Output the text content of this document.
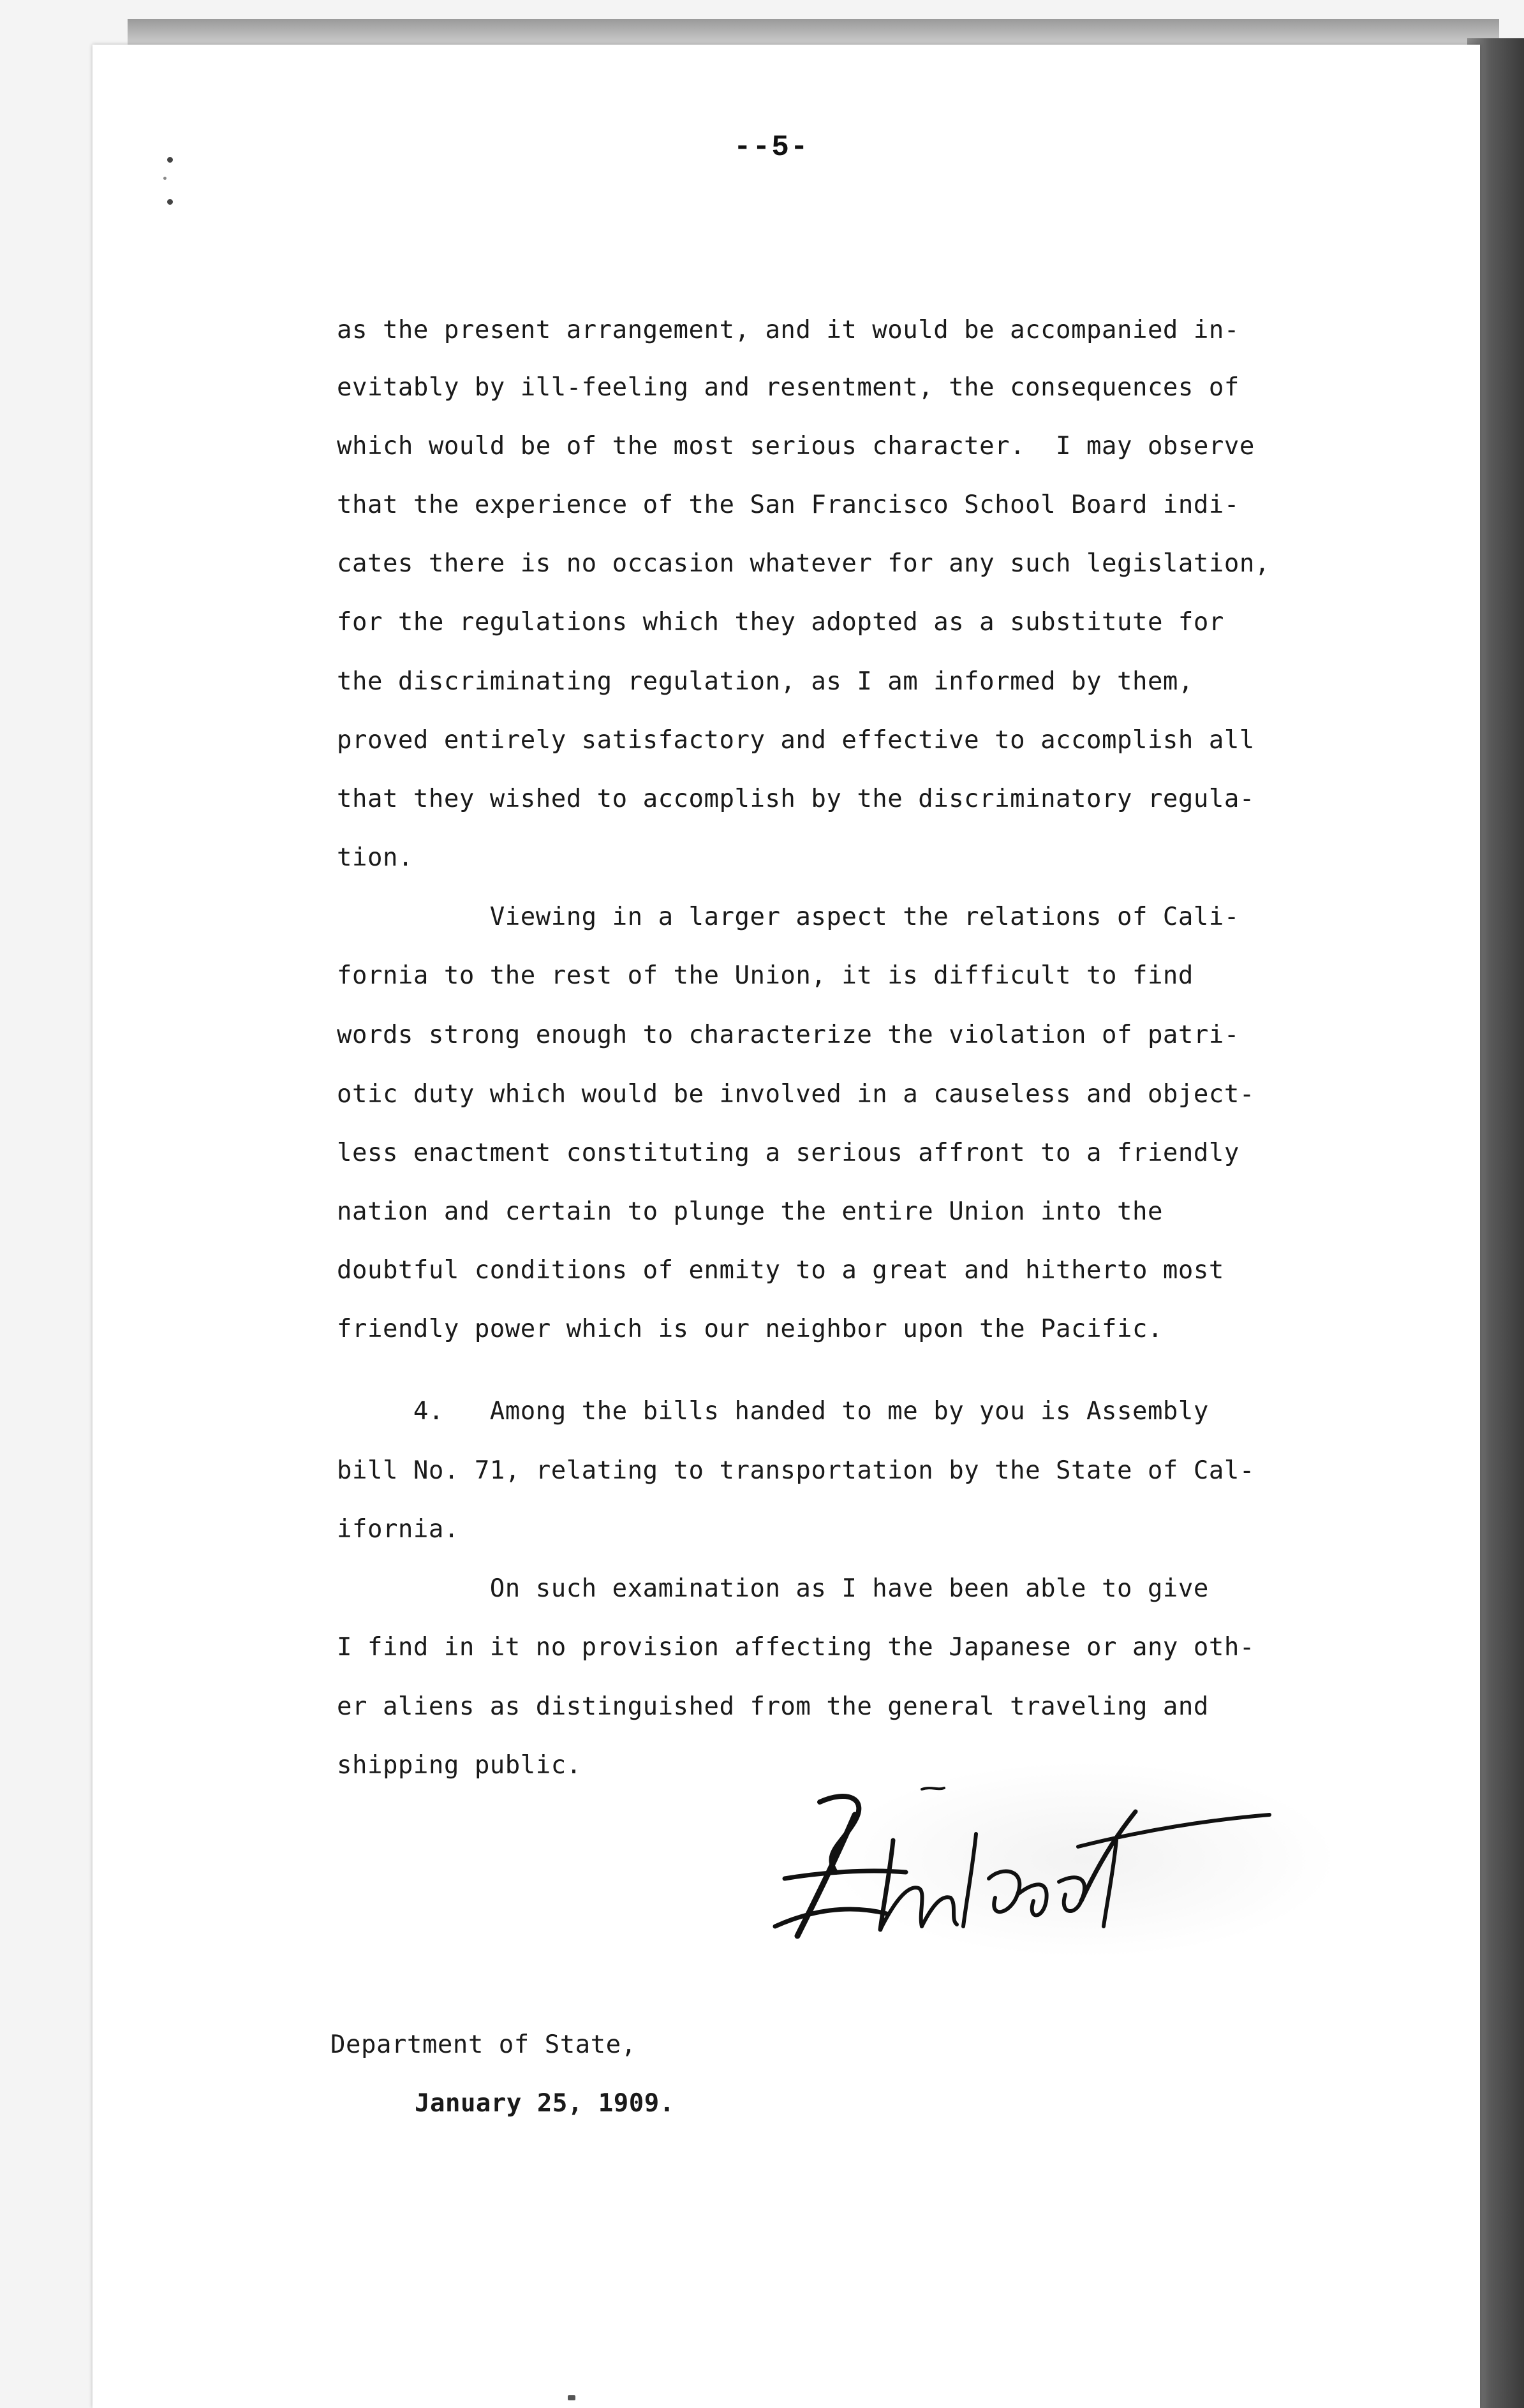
--5-
as the present arrangement, and it would be accompanied in-
evitably by ill-feeling and resentment, the consequences of
which would be of the most serious character.  I may observe
that the experience of the San Francisco School Board indi-
cates there is no occasion whatever for any such legislation,
for the regulations which they adopted as a substitute for
the discriminating regulation, as I am informed by them,
proved entirely satisfactory and effective to accomplish all
that they wished to accomplish by the discriminatory regula-
tion.
Viewing in a larger aspect the relations of Cali-
fornia to the rest of the Union, it is difficult to find
words strong enough to characterize the violation of patri-
otic duty which would be involved in a causeless and object-
less enactment constituting a serious affront to a friendly
nation and certain to plunge the entire Union into the
doubtful conditions of enmity to a great and hitherto most
friendly power which is our neighbor upon the Pacific.
4.   Among the bills handed to me by you is Assembly
bill No. 71, relating to transportation by the State of Cal-
ifornia.
On such examination as I have been able to give
I find in it no provision affecting the Japanese or any oth-
er aliens as distinguished from the general traveling and
shipping public.
Department of State,
January 25, 1909.
